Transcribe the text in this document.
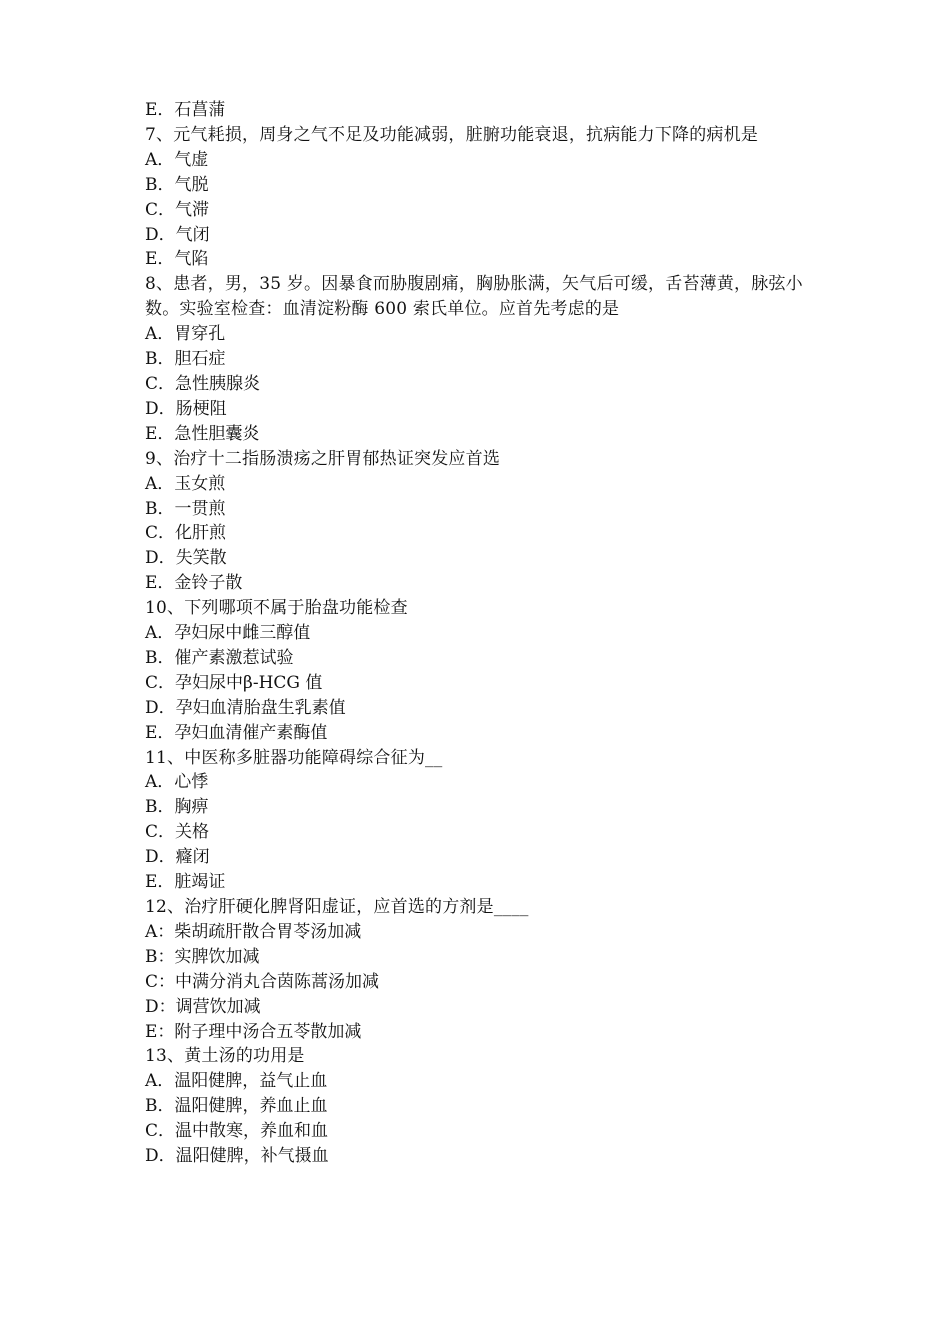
E．石菖蒲
7、元气耗损，周身之气不足及功能减弱，脏腑功能衰退，抗病能力下降的病机是
A．气虚
B．气脱
C．气滞
D．气闭
E．气陷
8、患者，男，35 岁。因暴食而胁腹剧痛，胸胁胀满，矢气后可缓，舌苔薄黄，脉弦小数。实验室检查：血清淀粉酶 600 索氏单位。应首先考虑的是
A．胃穿孔
B．胆石症
C．急性胰腺炎
D．肠梗阻
E．急性胆囊炎
9、治疗十二指肠溃疡之肝胃郁热证突发应首选
A．玉女煎
B．一贯煎
C．化肝煎
D．失笑散
E．金铃子散
10、下列哪项不属于胎盘功能检查
A．孕妇尿中雌三醇值
B．催产素激惹试验
C．孕妇尿中β-HCG 值
D．孕妇血清胎盘生乳素值
E．孕妇血清催产素酶值
11、中医称多脏器功能障碍综合征为__
A．心悸
B．胸痹
C．关格
D．癃闭
E．脏竭证
12、治疗肝硬化脾肾阳虚证，应首选的方剂是____
A：柴胡疏肝散合胃苓汤加减
B：实脾饮加减
C：中满分消丸合茵陈蒿汤加减
D：调营饮加减
E：附子理中汤合五苓散加减
13、黄土汤的功用是
A．温阳健脾，益气止血
B．温阳健脾，养血止血
C．温中散寒，养血和血
D．温阳健脾，补气摄血
